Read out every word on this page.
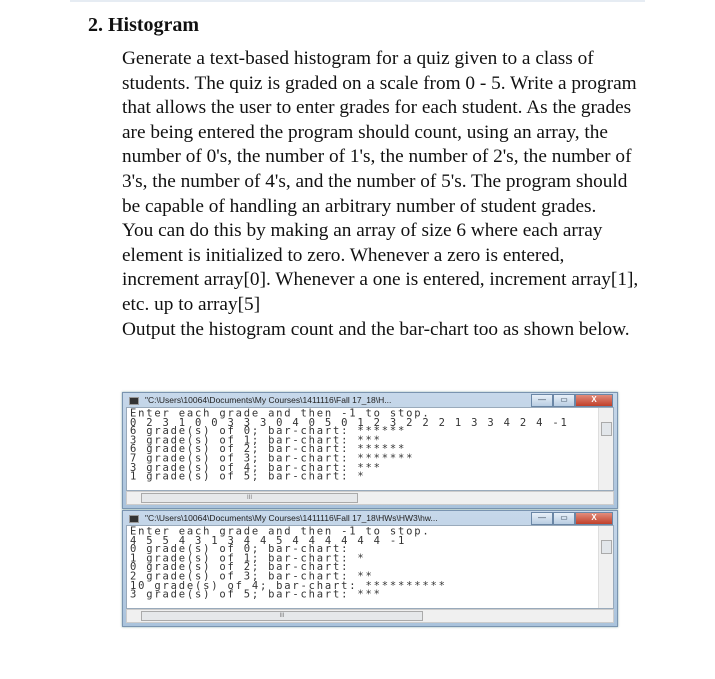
2. Histogram

Generate a text-based histogram for a quiz given to a class of students. The quiz is graded on a scale from 0 - 5. Write a program that allows the user to enter grades for each student. As the grades are being entered the program should count, using an array, the number of 0's, the number of 1's, the number of 2's, the number of 3's, the number of 4's, and the number of 5's. The program should be capable of handling an arbitrary number of student grades.

You can do this by making an array of size 6 where each array element is initialized to zero. Whenever a zero is entered, increment array[0]. Whenever a one is entered, increment array[1], etc. up to array[5]

Output the histogram count and the bar-chart too as shown below.

"C:\Users\10064\Documents\My Courses\1411116\Fall 17_18\H...	—	▭	X
Enter each grade and then -1 to stop.
0 2 3 1 0 0 3 3 3 0 4 0 5 0 1 2 3 2 2 2 1 3 3 4 2 4 -1
6 grade(s) of 0; bar-chart: ******
3 grade(s) of 1; bar-chart: ***
6 grade(s) of 2; bar-chart: ******
7 grade(s) of 3; bar-chart: *******
3 grade(s) of 4; bar-chart: ***
1 grade(s) of 5; bar-chart: *
III
"C:\Users\10064\Documents\My Courses\1411116\Fall 17_18\HWs\HW3\hw...	—	▭	X
Enter each grade and then -1 to stop.
4 5 5 4 3 1 3 4 4 5 4 4 4 4 4 4 -1
0 grade(s) of 0; bar-chart:
1 grade(s) of 1; bar-chart: *
0 grade(s) of 2; bar-chart:
2 grade(s) of 3; bar-chart: **
10 grade(s) of 4; bar-chart: **********
3 grade(s) of 5; bar-chart: ***
III
